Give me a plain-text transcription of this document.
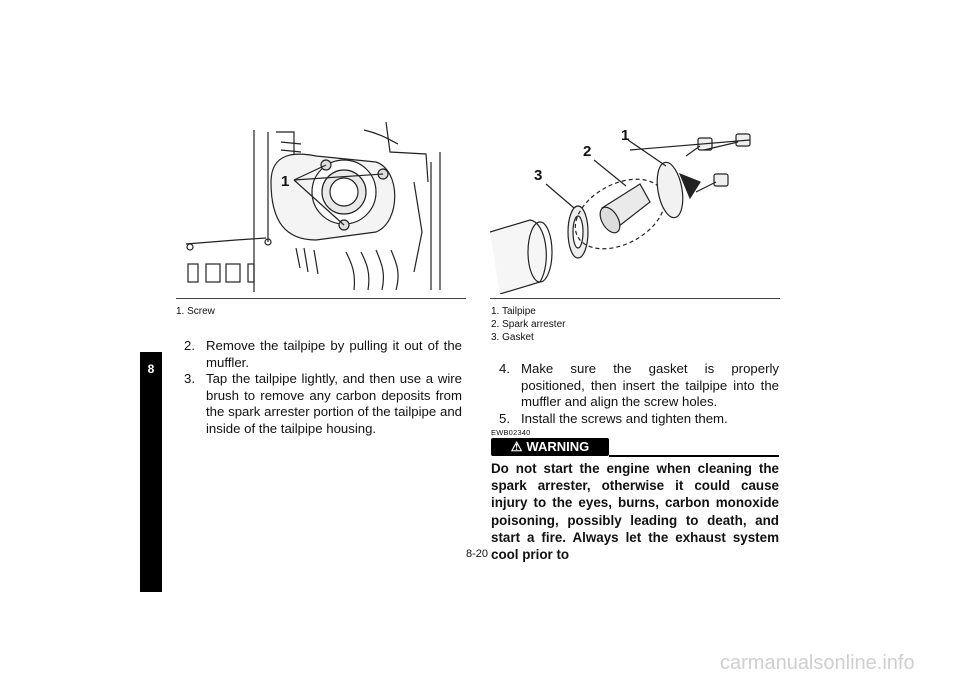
8
1
1. Screw
1
2
3
1. Tailpipe
2. Spark arrester
3. Gasket
2. Remove the tailpipe by pulling it out of the muffler.
3. Tap the tailpipe lightly, and then use a wire brush to remove any carbon deposits from the spark arrester portion of the tailpipe and inside of the tailpipe housing.
4. Make sure the gasket is properly positioned, then insert the tailpipe into the muffler and align the screw holes.
5. Install the screws and tighten them.
EWB02340
⚠ WARNING
Do not start the engine when cleaning the spark arrester, otherwise it could cause injury to the eyes, burns, carbon monoxide poisoning, possibly leading to death, and start a fire. Always let the exhaust system cool prior to
8-20
carmanualsonline.info
